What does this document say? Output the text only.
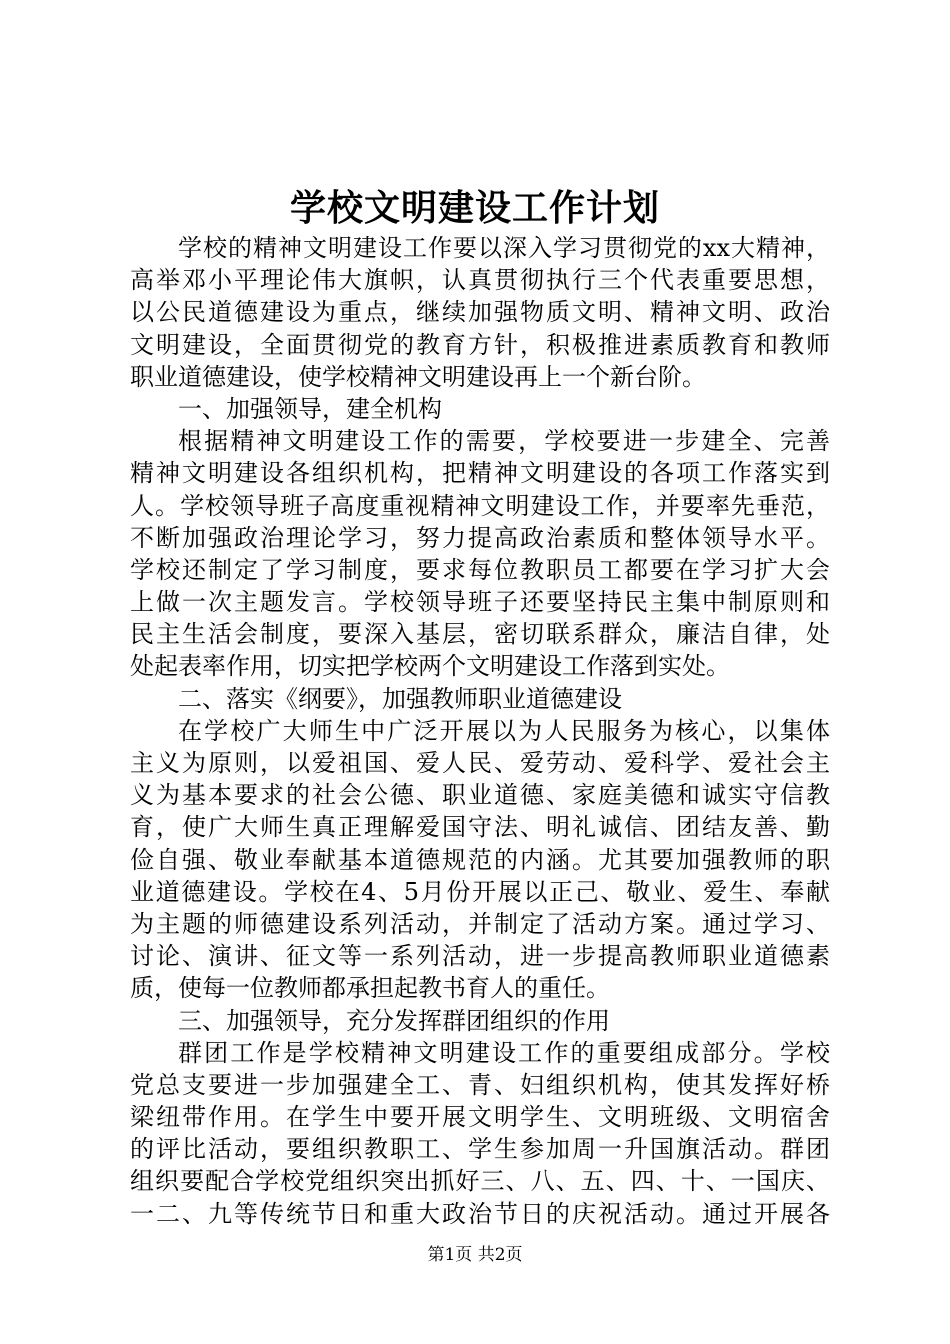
学校文明建设工作计划
学校的精神文明建设工作要以深入学习贯彻党的xx大精神，
高举邓小平理论伟大旗帜，认真贯彻执行三个代表重要思想，
以公民道德建设为重点，继续加强物质文明、精神文明、政治
文明建设，全面贯彻党的教育方针，积极推进素质教育和教师
职业道德建设，使学校精神文明建设再上一个新台阶。
一、加强领导，建全机构
根据精神文明建设工作的需要，学校要进一步建全、完善
精神文明建设各组织机构，把精神文明建设的各项工作落实到
人。学校领导班子高度重视精神文明建设工作，并要率先垂范，
不断加强政治理论学习，努力提高政治素质和整体领导水平。
学校还制定了学习制度，要求每位教职员工都要在学习扩大会
上做一次主题发言。学校领导班子还要坚持民主集中制原则和
民主生活会制度，要深入基层，密切联系群众，廉洁自律，处
处起表率作用，切实把学校两个文明建设工作落到实处。
二、落实《纲要》，加强教师职业道德建设
在学校广大师生中广泛开展以为人民服务为核心，以集体
主义为原则，以爱祖国、爱人民、爱劳动、爱科学、爱社会主
义为基本要求的社会公德、职业道德、家庭美德和诚实守信教
育，使广大师生真正理解爱国守法、明礼诚信、团结友善、勤
俭自强、敬业奉献基本道德规范的内涵。尤其要加强教师的职
业道德建设。学校在4、5月份开展以正己、敬业、爱生、奉献
为主题的师德建设系列活动，并制定了活动方案。通过学习、
讨论、演讲、征文等一系列活动，进一步提高教师职业道德素
质，使每一位教师都承担起教书育人的重任。
三、加强领导，充分发挥群团组织的作用
群团工作是学校精神文明建设工作的重要组成部分。学校
党总支要进一步加强建全工、青、妇组织机构，使其发挥好桥
梁纽带作用。在学生中要开展文明学生、文明班级、文明宿舍
的评比活动，要组织教职工、学生参加周一升国旗活动。群团
组织要配合学校党组织突出抓好三、八、五、四、十、一国庆、
一二、九等传统节日和重大政治节日的庆祝活动。通过开展各
第1页 共2页
